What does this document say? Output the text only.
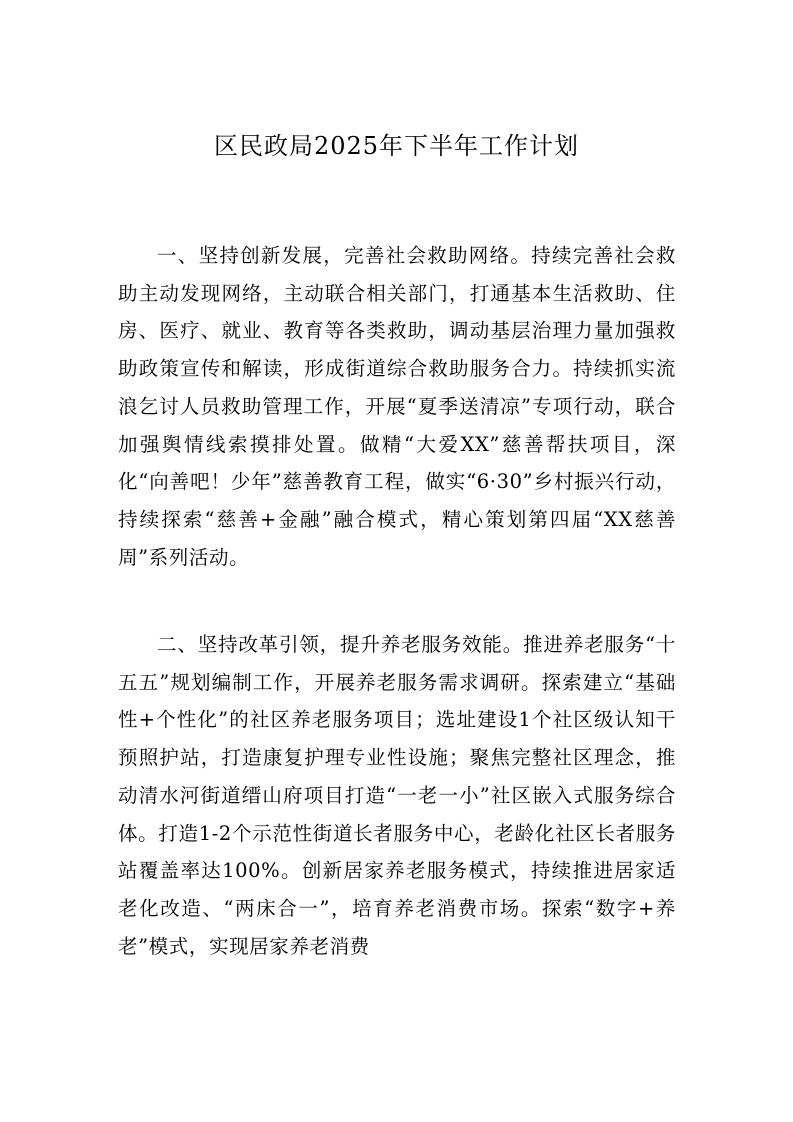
区民政局2025年下半年工作计划

一、坚持创新发展，完善社会救助网络。持续完善社会救助主动发现网络，主动联合相关部门，打通基本生活救助、住房、医疗、就业、教育等各类救助，调动基层治理力量加强救助政策宣传和解读，形成街道综合救助服务合力。持续抓实流浪乞讨人员救助管理工作，开展“夏季送清凉”专项行动，联合加强舆情线索摸排处置。做精“大爱XX”慈善帮扶项目，深化“向善吧！少年”慈善教育工程，做实“6·30”乡村振兴行动，持续探索“慈善+金融”融合模式，精心策划第四届“XX慈善周”系列活动。

二、坚持改革引领，提升养老服务效能。推进养老服务“十五五”规划编制工作，开展养老服务需求调研。探索建立“基础性+个性化”的社区养老服务项目；选址建设1个社区级认知干预照护站，打造康复护理专业性设施；聚焦完整社区理念，推动清水河街道缙山府项目打造“一老一小”社区嵌入式服务综合体。打造1-2个示范性街道长者服务中心，老龄化社区长者服务站覆盖率达100%。创新居家养老服务模式，持续推进居家适老化改造、“两床合一”，培育养老消费市场。探索“数字+养老”模式，实现居家养老消费
